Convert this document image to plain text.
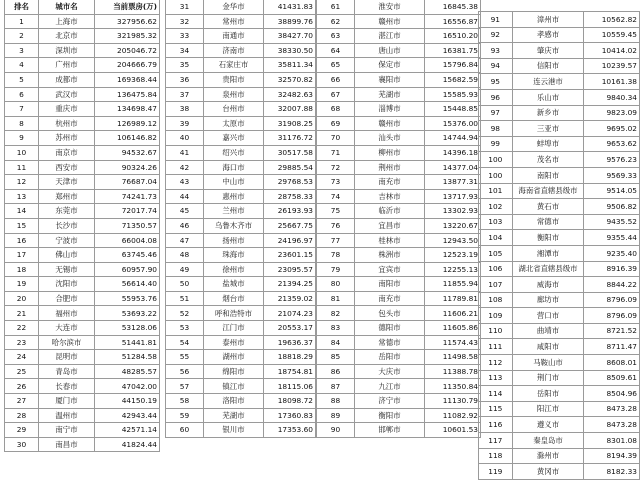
排名	城市名	当前票房(万)
1	上海市	327956.62
2	北京市	321985.32
3	深圳市	205046.72
4	广州市	204666.79
5	成都市	169368.44
6	武汉市	136475.84
7	重庆市	134698.47
8	杭州市	126989.12
9	苏州市	106146.82
10	南京市	94532.67
11	西安市	90324.26
12	天津市	76687.04
13	郑州市	74241.73
14	东莞市	72017.74
15	长沙市	71350.57
16	宁波市	66004.08
17	佛山市	63745.46
18	无锡市	60957.90
19	沈阳市	56614.40
20	合肥市	55953.76
21	福州市	53693.22
22	大连市	53128.06
23	哈尔滨市	51441.81
24	昆明市	51284.58
25	青岛市	48285.57
26	长春市	47042.00
27	厦门市	44150.19
28	温州市	42943.44
29	南宁市	42571.14
30	南昌市	41824.44
31	金华市	41431.83
32	常州市	38899.76
33	南通市	38427.70
34	济南市	38330.50
35	石家庄市	35811.34
36	贵阳市	32570.82
37	泉州市	32482.63
38	台州市	32007.88
39	太原市	31908.25
40	嘉兴市	31176.72
41	绍兴市	30517.58
42	海口市	29885.54
43	中山市	29768.53
44	惠州市	28758.33
45	兰州市	26193.93
46	乌鲁木齐市	25667.75
47	扬州市	24196.97
48	珠海市	23601.15
49	徐州市	23095.57
50	盐城市	21394.25
51	烟台市	21359.02
52	呼和浩特市	21074.23
53	江门市	20553.17
54	泰州市	19636.37
55	湖州市	18818.29
56	绵阳市	18754.81
57	镇江市	18115.06
58	洛阳市	18098.72
59	芜湖市	17360.83
60	银川市	17353.60
61	淮安市	16845.38
62	赣州市	16556.87
63	湛江市	16510.20
64	唐山市	16381.75
65	保定市	15796.84
66	襄阳市	15682.59
67	芜湖市	15585.93
68	淄博市	15448.85
69	赣州市	15376.00
70	汕头市	14744.94
71	柳州市	14396.18
72	荆州市	14377.04
73	南充市	13877.31
74	吉林市	13717.93
75	临沂市	13302.93
76	宜昌市	13220.67
77	桂林市	12943.50
78	株洲市	12523.19
79	宜宾市	12255.13
80	南阳市	11855.94
81	南充市	11789.81
82	包头市	11606.21
83	德阳市	11605.86
84	常德市	11574.43
85	岳阳市	11498.58
86	大庆市	11388.78
87	九江市	11350.84
88	济宁市	11130.79
89	衡阳市	11082.92
90	邯郸市	10601.53
91	漳州市	10562.82
92	孝感市	10559.45
93	肇庆市	10414.02
94	信阳市	10239.57
95	连云港市	10161.38
96	乐山市	9840.34
97	新乡市	9823.09
98	三亚市	9695.02
99	蚌埠市	9653.62
100	茂名市	9576.23
100	南阳市	9569.33
101	海南省直辖县级市	9514.05
102	黄石市	9506.82
103	常德市	9435.52
104	衡阳市	9355.44
105	湘潭市	9235.40
106	湖北省直辖县级市	8916.39
107	威海市	8844.22
108	廊坊市	8796.09
109	营口市	8796.09
110	曲靖市	8721.52
111	咸阳市	8711.47
112	马鞍山市	8608.01
113	荆门市	8509.61
114	岳阳市	8504.96
115	阳江市	8473.28
116	遵义市	8473.28
117	秦皇岛市	8301.08
118	滁州市	8194.39
119	黄冈市	8182.33
